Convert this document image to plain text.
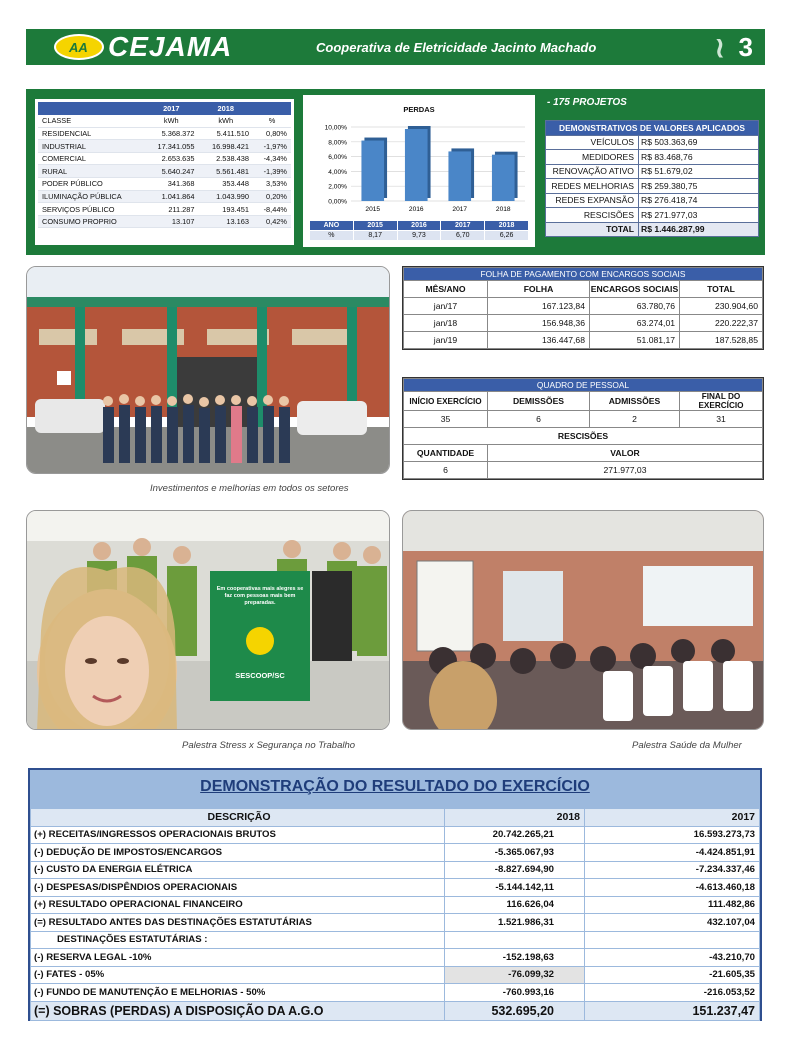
AA CEJAMA	Cooperativa de Eletricidade Jacinto Machado	≀ 3
	2017	2018	
CLASSE	kWh	kWh	%
RESIDENCIAL	5.368.372	5.411.510	0,80%
INDUSTRIAL	17.341.055	16.998.421	-1,97%
COMERCIAL	2.653.635	2.538.438	-4,34%
RURAL	5.640.247	5.561.481	-1,39%
PODER PÚBLICO	341.368	353.448	3,53%
ILUMINAÇÃO PÚBLICA	1.041.864	1.043.990	0,20%
SERVIÇOS PÚBLICO	211.287	193.451	-8,44%
CONSUMO PROPRIO	13.107	13.163	0,42%
PERDAS
0,00%
2,00%
4,00%
6,00%
8,00%
10,00%
2015	2016	2017	2018
ANO	2015	2016	2017	2018
%	8,17	9,73	6,70	6,26
- 175 PROJETOS
DEMONSTRATIVOS DE VALORES APLICADOS	
VEÍCULOS	R$ 503.363,69
MEDIDORES	R$ 83.468,76
RENOVAÇÃO ATIVO	R$ 51.679,02
REDES MELHORIAS	R$ 259.380,75
REDES EXPANSÃO	R$ 276.418,74
RESCISÕES	R$ 271.977,03
TOTAL	R$ 1.446.287,99
Investimentos e melhorias em todos os setores
FOLHA DE PAGAMENTO COM ENCARGOS SOCIAIS			
MÊS/ANO	FOLHA	ENCARGOS SOCIAIS	TOTAL
jan/17	167.123,84	63.780,76	230.904,60
jan/18	156.948,36	63.274,01	220.222,37
jan/19	136.447,68	51.081,17	187.528,85
QUADRO DE PESSOAL			
INÍCIO EXERCÍCIO	DEMISSÕES	ADMISSÕES	FINAL DO EXERCÍCIO
35	6	2	31
RESCISÕES			
QUANTIDADE	VALOR		
6	271.977,03		
Em cooperativas mais alegres se
faz com pessoas mais bem preparadas.
SESCOOP/SC
Palestra Stress x Segurança no Trabalho	Palestra Saúde da Mulher
DEMONSTRAÇÃO DO RESULTADO DO EXERCÍCIO
DESCRIÇÃO	2018	2017
(+) RECEITAS/INGRESSOS OPERACIONAIS BRUTOS	20.742.265,21	16.593.273,73
(-) DEDUÇÃO DE IMPOSTOS/ENCARGOS	-5.365.067,93	-4.424.851,91
(-) CUSTO DA ENERGIA ELÉTRICA	-8.827.694,90	-7.234.337,46
(-) DESPESAS/DISPÊNDIOS OPERACIONAIS	-5.144.142,11	-4.613.460,18
(+) RESULTADO OPERACIONAL FINANCEIRO	116.626,04	111.482,86
(=) RESULTADO ANTES DAS DESTINAÇÕES ESTATUTÁRIAS	1.521.986,31	432.107,04
DESTINAÇÕES ESTATUTÁRIAS :		
(-) RESERVA LEGAL -10%	-152.198,63	-43.210,70
(-) FATES - 05%	-76.099,32	-21.605,35
(-) FUNDO DE MANUTENÇÃO E MELHORIAS - 50%	-760.993,16	-216.053,52
(=) SOBRAS (PERDAS) A DISPOSIÇÃO DA A.G.O	532.695,20	151.237,47
